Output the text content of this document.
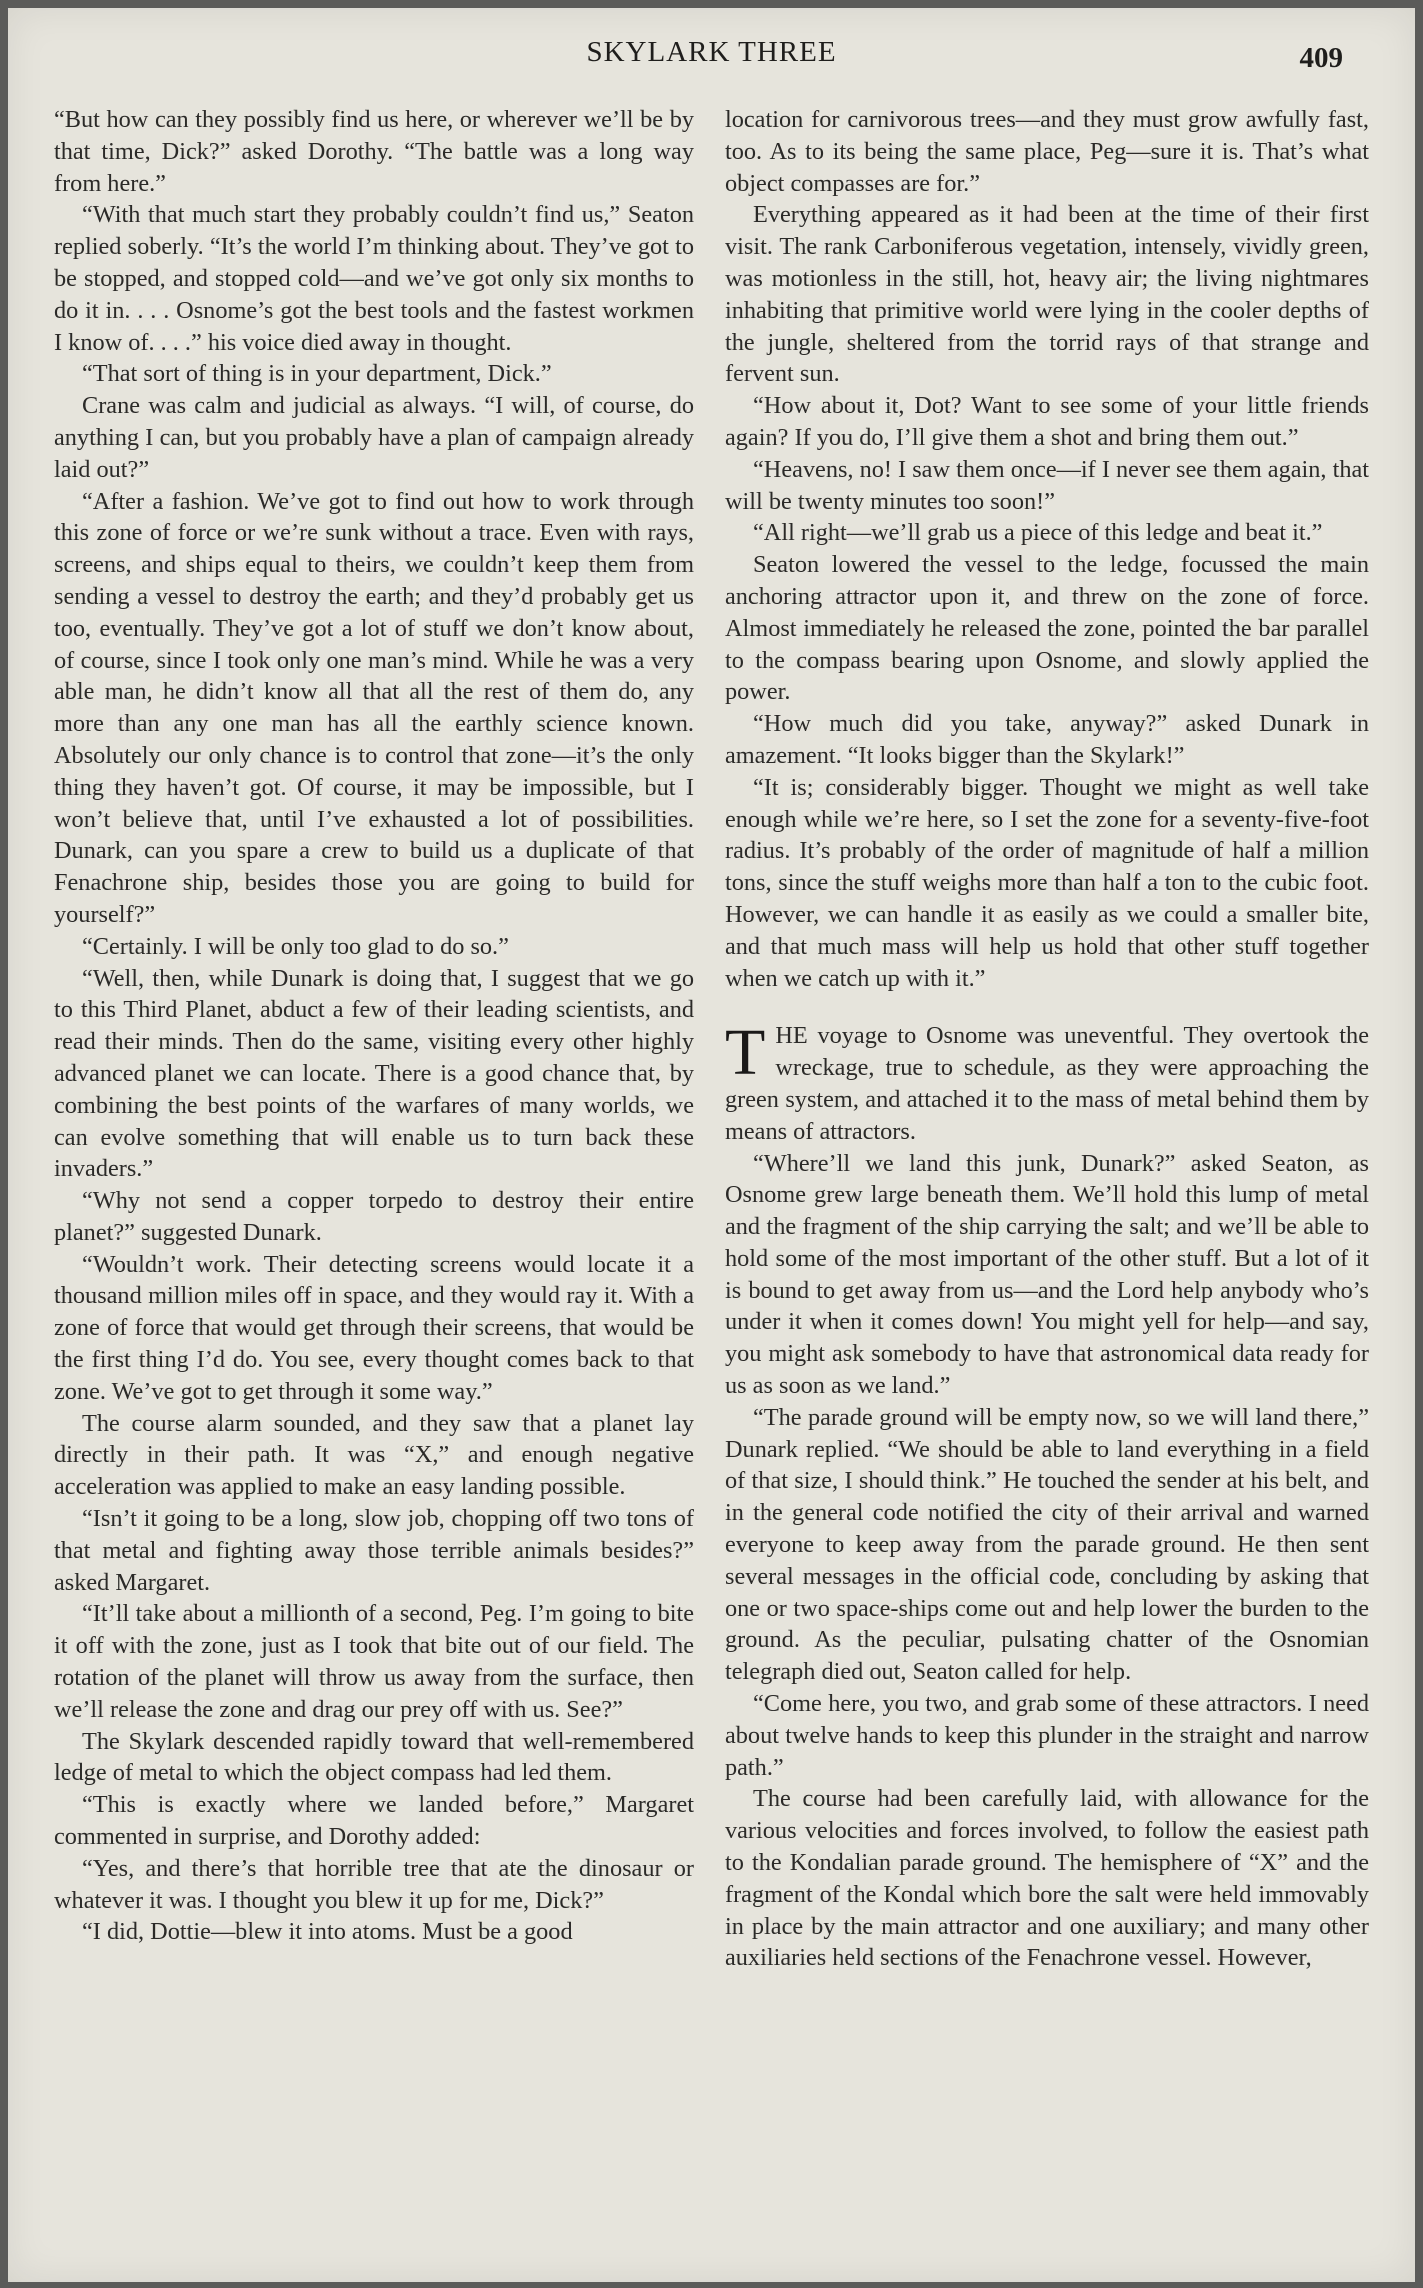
SKYLARK THREE	409

“But how can they possibly find us here, or wherever we’ll be by that time, Dick?” asked Dorothy. “The battle was a long way from here.”

“With that much start they probably couldn’t find us,” Seaton replied soberly. “It’s the world I’m thinking about. They’ve got to be stopped, and stopped cold—and we’ve got only six months to do it in. . . . Osnome’s got the best tools and the fastest workmen I know of. . . .” his voice died away in thought.

“That sort of thing is in your department, Dick.”

Crane was calm and judicial as always. “I will, of course, do anything I can, but you probably have a plan of campaign already laid out?”

“After a fashion. We’ve got to find out how to work through this zone of force or we’re sunk without a trace. Even with rays, screens, and ships equal to theirs, we couldn’t keep them from sending a vessel to destroy the earth; and they’d probably get us too, eventually. They’ve got a lot of stuff we don’t know about, of course, since I took only one man’s mind. While he was a very able man, he didn’t know all that all the rest of them do, any more than any one man has all the earthly science known. Absolutely our only chance is to control that zone—it’s the only thing they haven’t got. Of course, it may be impossible, but I won’t believe that, until I’ve exhausted a lot of possibilities. Dunark, can you spare a crew to build us a duplicate of that Fenachrone ship, besides those you are going to build for yourself?”

“Certainly. I will be only too glad to do so.”

“Well, then, while Dunark is doing that, I suggest that we go to this Third Planet, abduct a few of their leading scientists, and read their minds. Then do the same, visiting every other highly advanced planet we can locate. There is a good chance that, by combining the best points of the warfares of many worlds, we can evolve something that will enable us to turn back these invaders.”

“Why not send a copper torpedo to destroy their entire planet?” suggested Dunark.

“Wouldn’t work. Their detecting screens would locate it a thousand million miles off in space, and they would ray it. With a zone of force that would get through their screens, that would be the first thing I’d do. You see, every thought comes back to that zone. We’ve got to get through it some way.”

The course alarm sounded, and they saw that a planet lay directly in their path. It was “X,” and enough negative acceleration was applied to make an easy landing possible.

“Isn’t it going to be a long, slow job, chopping off two tons of that metal and fighting away those terrible animals besides?” asked Margaret.

“It’ll take about a millionth of a second, Peg. I’m going to bite it off with the zone, just as I took that bite out of our field. The rotation of the planet will throw us away from the surface, then we’ll release the zone and drag our prey off with us. See?”

The Skylark descended rapidly toward that well-remembered ledge of metal to which the object compass had led them.

“This is exactly where we landed before,” Margaret commented in surprise, and Dorothy added:

“Yes, and there’s that horrible tree that ate the dinosaur or whatever it was. I thought you blew it up for me, Dick?”

“I did, Dottie—blew it into atoms. Must be a good

location for carnivorous trees—and they must grow awfully fast, too. As to its being the same place, Peg—sure it is. That’s what object compasses are for.”

Everything appeared as it had been at the time of their first visit. The rank Carboniferous vegetation, intensely, vividly green, was motionless in the still, hot, heavy air; the living nightmares inhabiting that primitive world were lying in the cooler depths of the jungle, sheltered from the torrid rays of that strange and fervent sun.

“How about it, Dot? Want to see some of your little friends again? If you do, I’ll give them a shot and bring them out.”

“Heavens, no! I saw them once—if I never see them again, that will be twenty minutes too soon!”

“All right—we’ll grab us a piece of this ledge and beat it.”

Seaton lowered the vessel to the ledge, focussed the main anchoring attractor upon it, and threw on the zone of force. Almost immediately he released the zone, pointed the bar parallel to the compass bearing upon Osnome, and slowly applied the power.

“How much did you take, anyway?” asked Dunark in amazement. “It looks bigger than the Skylark!”

“It is; considerably bigger. Thought we might as well take enough while we’re here, so I set the zone for a seventy-five-foot radius. It’s probably of the order of magnitude of half a million tons, since the stuff weighs more than half a ton to the cubic foot. However, we can handle it as easily as we could a smaller bite, and that much mass will help us hold that other stuff together when we catch up with it.”

THE voyage to Osnome was uneventful. They overtook the wreckage, true to schedule, as they were approaching the green system, and attached it to the mass of metal behind them by means of attractors.

“Where’ll we land this junk, Dunark?” asked Seaton, as Osnome grew large beneath them. We’ll hold this lump of metal and the fragment of the ship carrying the salt; and we’ll be able to hold some of the most important of the other stuff. But a lot of it is bound to get away from us—and the Lord help anybody who’s under it when it comes down! You might yell for help—and say, you might ask somebody to have that astronomical data ready for us as soon as we land.”

“The parade ground will be empty now, so we will land there,” Dunark replied. “We should be able to land everything in a field of that size, I should think.” He touched the sender at his belt, and in the general code notified the city of their arrival and warned everyone to keep away from the parade ground. He then sent several messages in the official code, concluding by asking that one or two space-ships come out and help lower the burden to the ground. As the peculiar, pulsating chatter of the Osnomian telegraph died out, Seaton called for help.

“Come here, you two, and grab some of these attractors. I need about twelve hands to keep this plunder in the straight and narrow path.”

The course had been carefully laid, with allowance for the various velocities and forces involved, to follow the easiest path to the Kondalian parade ground. The hemisphere of “X” and the fragment of the Kondal which bore the salt were held immovably in place by the main attractor and one auxiliary; and many other auxiliaries held sections of the Fenachrone vessel. However,
